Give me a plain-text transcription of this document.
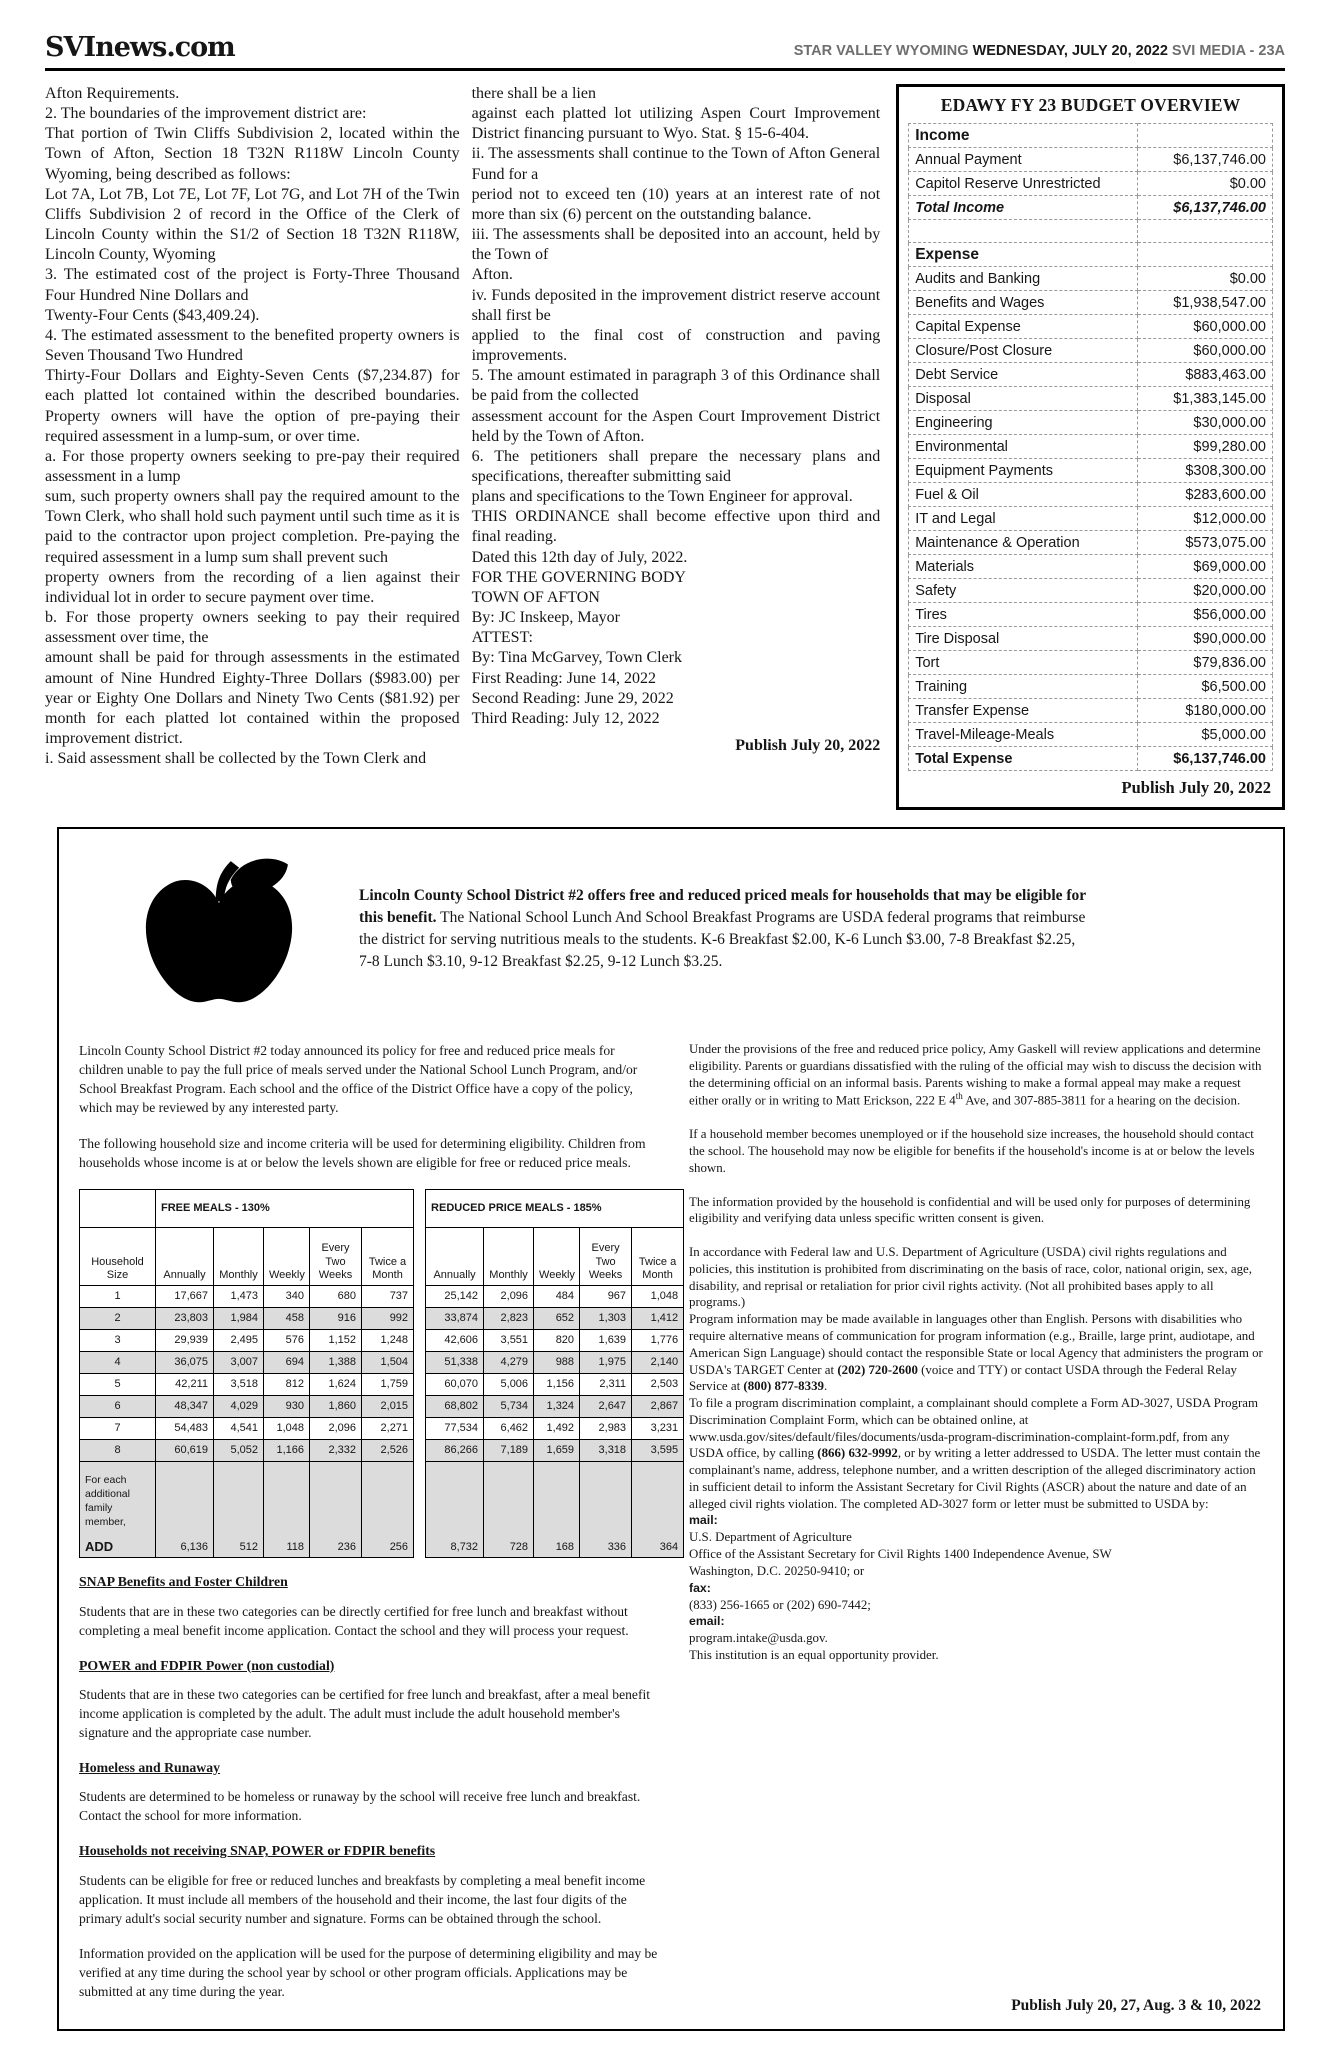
SVInews.com	STAR VALLEY WYOMING WEDNESDAY, JULY 20, 2022 SVI MEDIA - 23A

Afton Requirements.

2. The boundaries of the improvement district are:

That portion of Twin Cliffs Subdivision 2, located within the Town of Afton, Section 18 T32N R118W Lincoln County Wyoming, being described as follows:

Lot 7A, Lot 7B, Lot 7E, Lot 7F, Lot 7G, and Lot 7H of the Twin Cliffs Subdivision 2 of record in the Office of the Clerk of Lincoln County within the S1/2 of Section 18 T32N R118W, Lincoln County, Wyoming

3. The estimated cost of the project is Forty-Three Thousand Four Hundred Nine Dollars and

Twenty-Four Cents ($43,409.24).

4. The estimated assessment to the benefited property owners is Seven Thousand Two Hundred

Thirty-Four Dollars and Eighty-Seven Cents ($7,234.87) for each platted lot contained within the described boundaries. Property owners will have the option of pre-paying their required assessment in a lump-sum, or over time.

a. For those property owners seeking to pre-pay their required assessment in a lump

sum, such property owners shall pay the required amount to the Town Clerk, who shall hold such payment until such time as it is paid to the contractor upon project completion. Pre-paying the required assessment in a lump sum shall prevent such

property owners from the recording of a lien against their individual lot in order to secure payment over time.

b. For those property owners seeking to pay their required assessment over time, the

amount shall be paid for through assessments in the estimated amount of Nine Hundred Eighty-Three Dollars ($983.00) per year or Eighty One Dollars and Ninety Two Cents ($81.92) per month for each platted lot contained within the proposed improvement district.

i. Said assessment shall be collected by the Town Clerk and

there shall be a lien

against each platted lot utilizing Aspen Court Improvement District financing pursuant to Wyo. Stat. § 15-6-404.

ii. The assessments shall continue to the Town of Afton General Fund for a

period not to exceed ten (10) years at an interest rate of not more than six (6) percent on the outstanding balance.

iii. The assessments shall be deposited into an account, held by the Town of

Afton.

iv. Funds deposited in the improvement district reserve account shall first be

applied to the final cost of construction and paving improvements.

5. The amount estimated in paragraph 3 of this Ordinance shall be paid from the collected

assessment account for the Aspen Court Improvement District held by the Town of Afton.

6. The petitioners shall prepare the necessary plans and specifications, thereafter submitting said

plans and specifications to the Town Engineer for approval.

THIS ORDINANCE shall become effective upon third and final reading.

Dated this 12th day of July, 2022.

FOR THE GOVERNING BODY

TOWN OF AFTON

By: JC Inskeep, Mayor

ATTEST:

By: Tina McGarvey, Town Clerk

First Reading: June 14, 2022

Second Reading: June 29, 2022

Third Reading: July 12, 2022

Publish July 20, 2022
EDAWY FY 23 BUDGET OVERVIEW
Income	
Annual Payment	$6,137,746.00
Capitol Reserve Unrestricted	$0.00
Total Income	$6,137,746.00

Expense	
Audits and Banking	$0.00
Benefits and Wages	$1,938,547.00
Capital Expense	$60,000.00
Closure/Post Closure	$60,000.00
Debt Service	$883,463.00
Disposal	$1,383,145.00
Engineering	$30,000.00
Environmental	$99,280.00
Equipment Payments	$308,300.00
Fuel & Oil	$283,600.00
IT and Legal	$12,000.00
Maintenance & Operation	$573,075.00
Materials	$69,000.00
Safety	$20,000.00
Tires	$56,000.00
Tire Disposal	$90,000.00
Tort	$79,836.00
Training	$6,500.00
Transfer Expense	$180,000.00
Travel-Mileage-Meals	$5,000.00
Total Expense	$6,137,746.00
Publish July 20, 2022
Lincoln County School District #2 offers free and reduced priced meals for households that may be eligible for this benefit. The National School Lunch And School Breakfast Programs are USDA federal programs that reimburse the district for serving nutritious meals to the students. K-6 Breakfast $2.00, K-6 Lunch $3.00, 7-8 Breakfast $2.25, 7-8 Lunch $3.10, 9-12 Breakfast $2.25, 9-12 Lunch $3.25.

Lincoln County School District #2 today announced its policy for free and reduced price meals for children unable to pay the full price of meals served under the National School Lunch Program, and/or School Breakfast Program. Each school and the office of the District Office have a copy of the policy, which may be reviewed by any interested party.

The following household size and income criteria will be used for determining eligibility. Children from households whose income is at or below the levels shown are eligible for free or reduced price meals.

	FREE MEALS - 130%						REDUCED PRICE MEALS - 185%				
Household Size	Annually	Monthly	Weekly	Every Two Weeks	Twice a Month		Annually	Monthly	Weekly	Every Two Weeks	Twice a Month
1	17,667	1,473	340	680	737		25,142	2,096	484	967	1,048
2	23,803	1,984	458	916	992		33,874	2,823	652	1,303	1,412
3	29,939	2,495	576	1,152	1,248		42,606	3,551	820	1,639	1,776
4	36,075	3,007	694	1,388	1,504		51,338	4,279	988	1,975	2,140
5	42,211	3,518	812	1,624	1,759		60,070	5,006	1,156	2,311	2,503
6	48,347	4,029	930	1,860	2,015		68,802	5,734	1,324	2,647	2,867
7	54,483	4,541	1,048	2,096	2,271		77,534	6,462	1,492	2,983	3,231
8	60,619	5,052	1,166	2,332	2,526		86,266	7,189	1,659	3,318	3,595

For each additional family member,
ADD	6,136	512	118	236	256		8,732	728	168	336	364
SNAP Benefits and Foster Children

Students that are in these two categories can be directly certified for free lunch and breakfast without completing a meal benefit income application. Contact the school and they will process your request.

POWER and FDPIR Power (non custodial)

Students that are in these two categories can be certified for free lunch and breakfast, after a meal benefit income application is completed by the adult. The adult must include the adult household member's signature and the appropriate case number.

Homeless and Runaway

Students are determined to be homeless or runaway by the school will receive free lunch and breakfast. Contact the school for more information.

Households not receiving SNAP, POWER or FDPIR benefits

Students can be eligible for free or reduced lunches and breakfasts by completing a meal benefit income application. It must include all members of the household and their income, the last four digits of the primary adult's social security number and signature. Forms can be obtained through the school.

Information provided on the application will be used for the purpose of determining eligibility and may be verified at any time during the school year by school or other program officials. Applications may be submitted at any time during the year.

Under the provisions of the free and reduced price policy, Amy Gaskell will review applications and determine eligibility. Parents or guardians dissatisfied with the ruling of the official may wish to discuss the decision with the determining official on an informal basis. Parents wishing to make a formal appeal may make a request either orally or in writing to Matt Erickson, 222 E 4th Ave, and 307-885-3811 for a hearing on the decision.

If a household member becomes unemployed or if the household size increases, the household should contact the school. The household may now be eligible for benefits if the household's income is at or below the levels shown.

The information provided by the household is confidential and will be used only for purposes of determining eligibility and verifying data unless specific written consent is given.

In accordance with Federal law and U.S. Department of Agriculture (USDA) civil rights regulations and policies, this institution is prohibited from discriminating on the basis of race, color, national origin, sex, age, disability, and reprisal or retaliation for prior civil rights activity. (Not all prohibited bases apply to all programs.)

Program information may be made available in languages other than English. Persons with disabilities who require alternative means of communication for program information (e.g., Braille, large print, audiotape, and American Sign Language) should contact the responsible State or local Agency that administers the program or USDA's TARGET Center at (202) 720-2600 (voice and TTY) or contact USDA through the Federal Relay Service at (800) 877-8339.

To file a program discrimination complaint, a complainant should complete a Form AD-3027, USDA Program Discrimination Complaint Form, which can be obtained online, at www.usda.gov/sites/default/files/documents/usda-program-discrimination-complaint-form.pdf, from any USDA office, by calling (866) 632-9992, or by writing a letter addressed to USDA. The letter must contain the complainant's name, address, telephone number, and a written description of the alleged discriminatory action in sufficient detail to inform the Assistant Secretary for Civil Rights (ASCR) about the nature and date of an alleged civil rights violation. The completed AD-3027 form or letter must be submitted to USDA by:

mail:
U.S. Department of Agriculture
Office of the Assistant Secretary for Civil Rights 1400 Independence Avenue, SW
Washington, D.C. 20250-9410; or

fax:
(833) 256-1665 or (202) 690-7442;

email:
program.intake@usda.gov.

This institution is an equal opportunity provider.

Publish July 20, 27, Aug. 3 & 10, 2022
